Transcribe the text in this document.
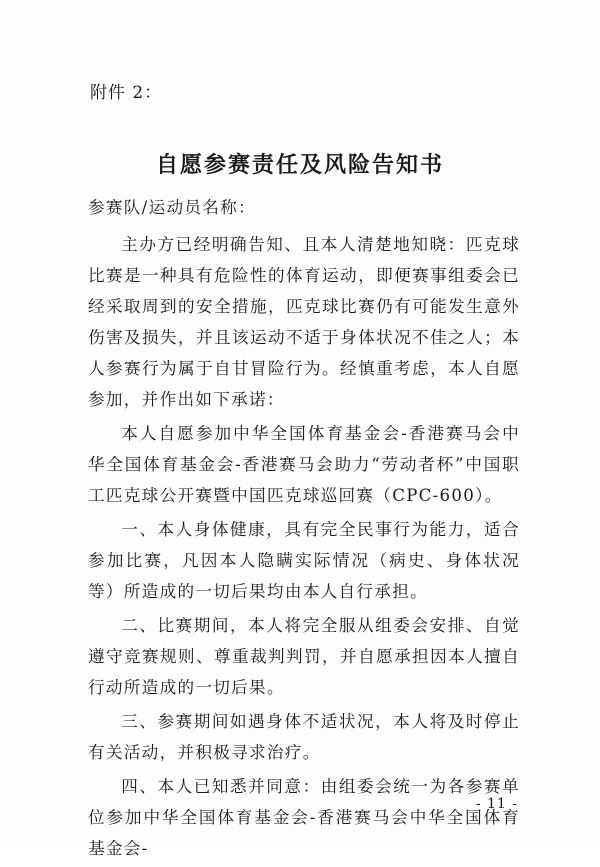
附件 2：
自愿参赛责任及风险告知书

参赛队/运动员名称：

主办方已经明确告知、且本人清楚地知晓：匹克球比赛是一种具有危险性的体育运动，即便赛事组委会已经采取周到的安全措施，匹克球比赛仍有可能发生意外伤害及损失，并且该运动不适于身体状况不佳之人；本人参赛行为属于自甘冒险行为。经慎重考虑，本人自愿参加，并作出如下承诺：

本人自愿参加中华全国体育基金会-香港赛马会中华全国体育基金会-香港赛马会助力“劳动者杯”中国职工匹克球公开赛暨中国匹克球巡回赛（CPC-600）。

一、本人身体健康，具有完全民事行为能力，适合参加比赛，凡因本人隐瞒实际情况（病史、身体状况等）所造成的一切后果均由本人自行承担。

二、比赛期间，本人将完全服从组委会安排、自觉遵守竞赛规则、尊重裁判判罚，并自愿承担因本人擅自行动所造成的一切后果。

三、参赛期间如遇身体不适状况，本人将及时停止有关活动，并积极寻求治疗。

四、本人已知悉并同意：由组委会统一为各参赛单位参加中华全国体育基金会-香港赛马会中华全国体育基金会-

- 11 -
